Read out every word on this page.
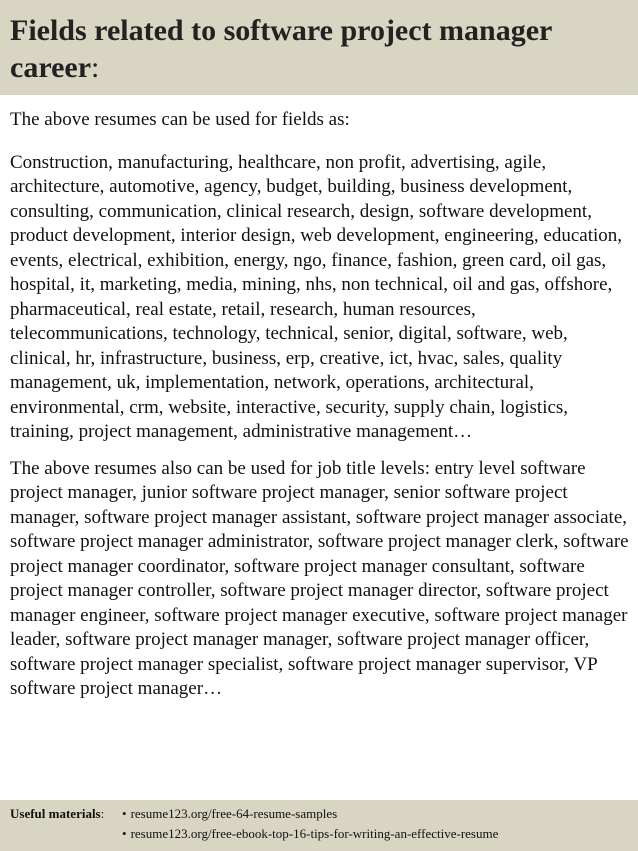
Fields related to software project manager career:

The above resumes can be used for fields as:

Construction, manufacturing, healthcare, non profit, advertising, agile, architecture, automotive, agency, budget, building, business development, consulting, communication, clinical research, design, software development, product development, interior design, web development, engineering, education, events, electrical, exhibition, energy, ngo, finance, fashion, green card, oil gas, hospital, it, marketing, media, mining, nhs, non technical, oil and gas, offshore, pharmaceutical, real estate, retail, research, human resources, telecommunications, technology, technical, senior, digital, software, web, clinical, hr, infrastructure, business, erp, creative, ict, hvac, sales, quality management, uk, implementation, network, operations, architectural, environmental, crm, website, interactive, security, supply chain, logistics, training, project management, administrative management…

The above resumes also can be used for job title levels: entry level software project manager, junior software project manager, senior software project manager, software project manager assistant, software project manager associate, software project manager administrator, software project manager clerk, software project manager coordinator, software project manager consultant, software project manager controller, software project manager director, software project manager engineer, software project manager executive, software project manager leader, software project manager manager, software project manager officer, software project manager specialist, software project manager supervisor, VP software project manager…

Useful materials:	• resume123.org/free-64-resume-samples
• resume123.org/free-ebook-top-16-tips-for-writing-an-effective-resume
